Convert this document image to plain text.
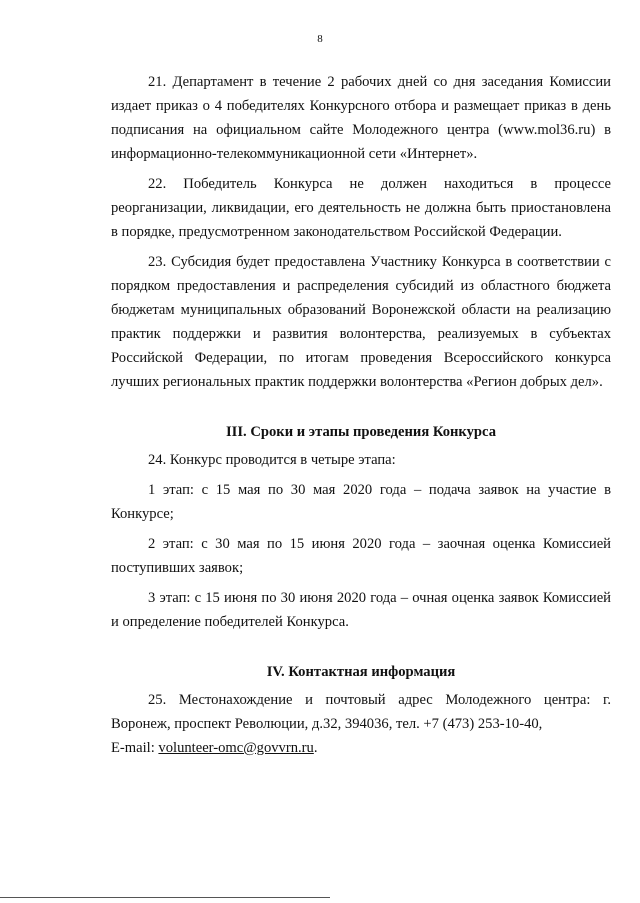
8

21. Департамент в течение 2 рабочих дней со дня заседания Комиссии издает приказ о 4 победителях Конкурсного отбора и размещает приказ в день подписания на официальном сайте Молодежного центра (www.mol36.ru) в информационно-телекоммуникационной сети «Интернет».

22. Победитель Конкурса не должен находиться в процессе реорганизации, ликвидации, его деятельность не должна быть приостановлена в порядке, предусмотренном законодательством Российской Федерации.

23. Субсидия будет предоставлена Участнику Конкурса в соответствии с порядком предоставления и распределения субсидий из областного бюджета бюджетам муниципальных образований Воронежской области на реализацию практик поддержки и развития волонтерства, реализуемых в субъектах Российской Федерации, по итогам проведения Всероссийского конкурса лучших региональных практик поддержки волонтерства «Регион добрых дел».

III. Сроки и этапы проведения Конкурса

24. Конкурс проводится в четыре этапа:

1 этап: с 15 мая по 30 мая 2020 года – подача заявок на участие в Конкурсе;

2 этап: с 30 мая по 15 июня 2020 года – заочная оценка Комиссией поступивших заявок;

3 этап: с 15 июня по 30 июня 2020 года – очная оценка заявок Комиссией и определение победителей Конкурса.

IV. Контактная информация

25. Местонахождение и почтовый адрес Молодежного центра: г. Воронеж, проспект Революции, д.32, 394036, тел. +7 (473) 253-10-40,

E-mail: volunteer-omc@govvrn.ru.
